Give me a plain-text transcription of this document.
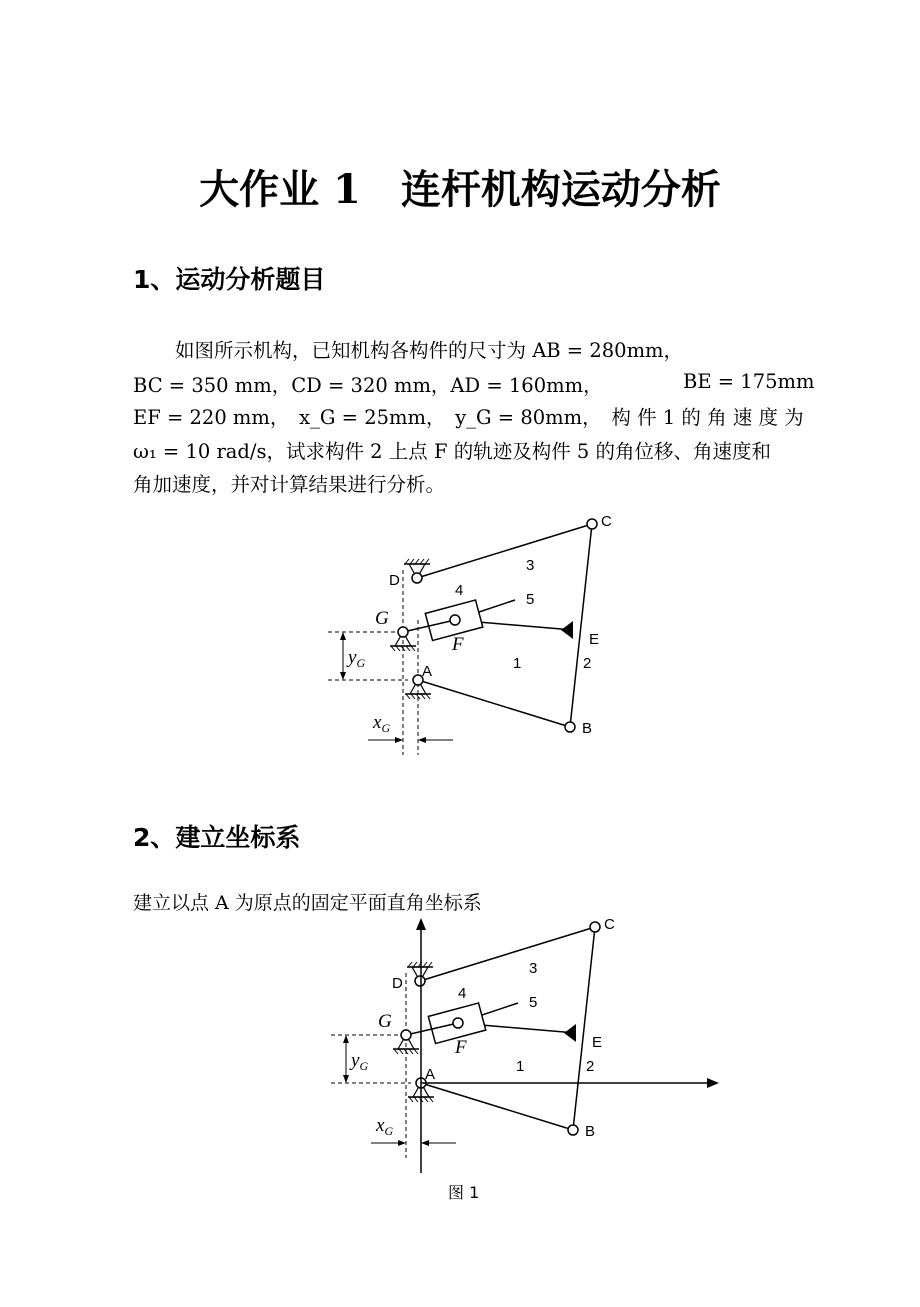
大作业 1　连杆机构运动分析
1、运动分析题目
如图所示机构，已知机构各构件的尺寸为 AB = 280mm，
BC = 350 mm，CD = 320 mm，AD = 160mm，	BE = 175mm
EF = 220 mm，　x_G = 25mm，　y_G = 80mm，　构 件 1 的 角 速 度 为
ω₁ = 10 rad/s，试求构件 2 上点 F 的轨迹及构件 5 的角位移、角速度和
角加速度，并对计算结果进行分析。
C
D
B
E
A
G
F
1	2
3
4
5
$y_G$
$x_G$
C
D
B
E
A
G
F
1	2
3
4
5
$y_G$
$x_G$
2、建立坐标系
建立以点 A 为原点的固定平面直角坐标系
图 1
